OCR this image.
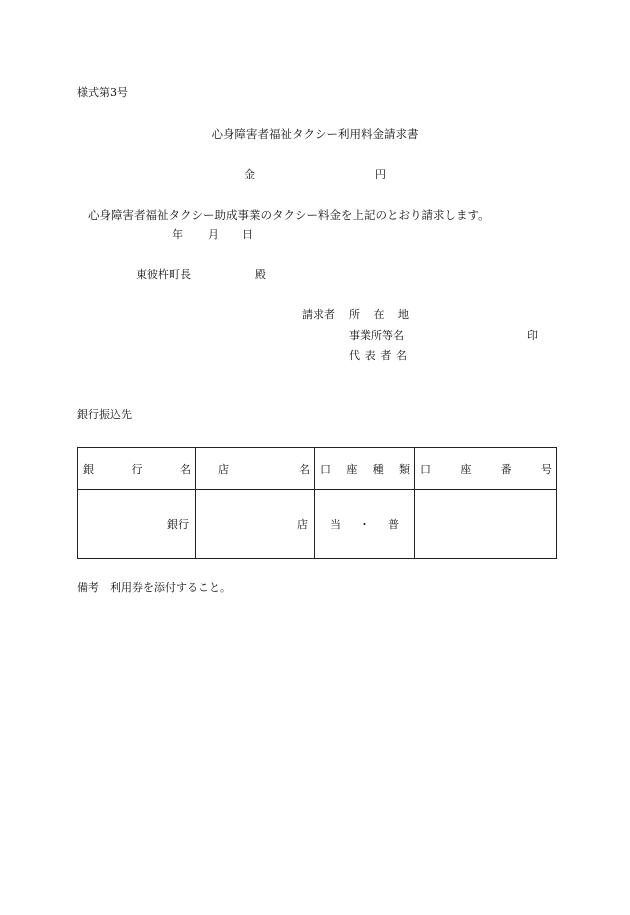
様式第3号
心身障害者福祉タクシー利用料金請求書
金	円
心身障害者福祉タクシー助成事業のタクシー料金を上記のとおり請求します。
年 月 日
東彼杵町長	殿
請求者 所 在 地
事業所等名	印
代 表 者 名
銀行振込先
銀 行 名	店 名	口 座 種 類	口 座 番 号

銀行	店	当 ・ 普	

備考　利用券を添付すること。
